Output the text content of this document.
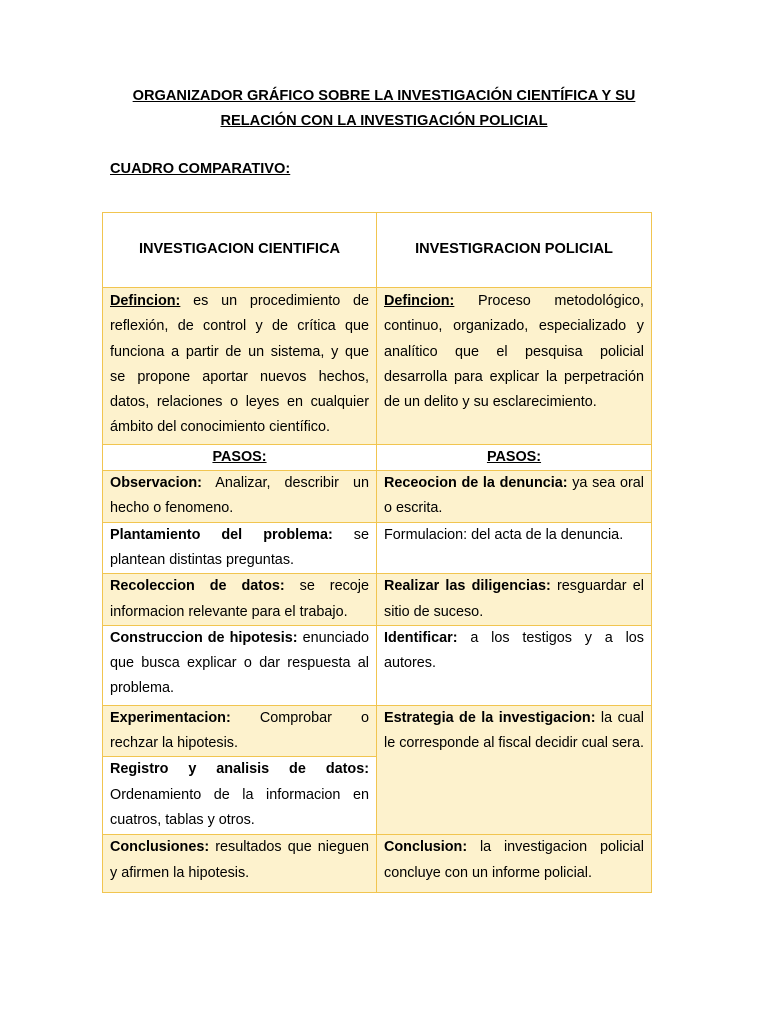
ORGANIZADOR GRÁFICO SOBRE LA INVESTIGACIÓN CIENTÍFICA Y SU
RELACIÓN CON LA INVESTIGACIÓN POLICIAL
CUADRO COMPARATIVO:
INVESTIGACION CIENTIFICA	INVESTIGRACION POLICIAL
Defincion: es un procedimiento de reflexión, de control y de crítica que funciona a partir de un sistema, y que se propone aportar nuevos hechos, datos, relaciones o leyes en cualquier ámbito del conocimiento científico.	Defincion: Proceso metodológico, continuo, organizado, especializado y analítico que el pesquisa policial desarrolla para explicar la perpetración de un delito y su esclarecimiento.
PASOS:	PASOS:
Observacion: Analizar, describir un hecho o fenomeno.	Receocion de la denuncia: ya sea oral o escrita.
Plantamiento del problema: se plantean distintas preguntas.	Formulacion: del acta de la denuncia.
Recoleccion de datos: se recoje informacion relevante para el trabajo.	Realizar las diligencias: resguardar el sitio de suceso.
Construccion de hipotesis: enunciado que busca explicar o dar respuesta al problema.	Identificar: a los testigos y a los autores.

Experimentacion: Comprobar o rechzar la hipotesis.
Registro y analisis de datos: Ordenamiento de la informacion en cuatros, tablas y otros.	Estrategia de la investigacion: la cual le corresponde al fiscal decidir cual sera.
Conclusiones: resultados que nieguen y afirmen la hipotesis.	Conclusion: la investigacion policial concluye con un informe policial.
